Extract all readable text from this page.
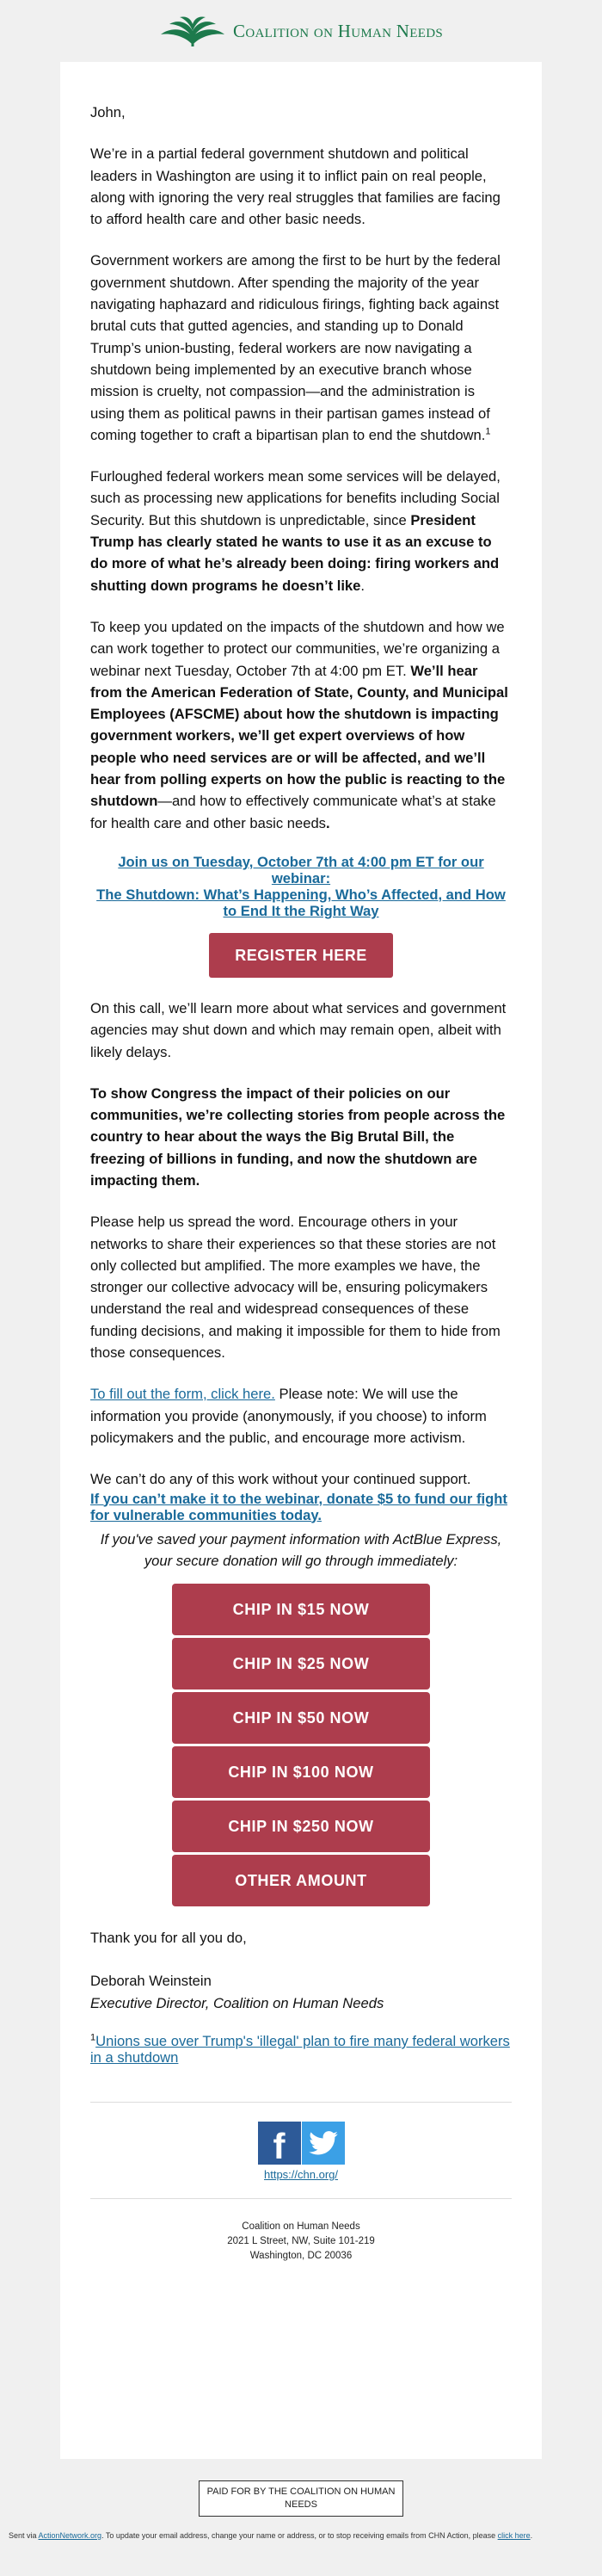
Coalition on Human Needs

John,

We’re in a partial federal government shutdown and political leaders in Washington are using it to inflict pain on real people, along with ignoring the very real struggles that families are facing to afford health care and other basic needs.

Government workers are among the first to be hurt by the federal government shutdown. After spending the majority of the year navigating haphazard and ridiculous firings, fighting back against brutal cuts that gutted agencies, and standing up to Donald Trump’s union-busting, federal workers are now navigating a shutdown being implemented by an executive branch whose mission is cruelty, not compassion—and the administration is using them as political pawns in their partisan games instead of coming together to craft a bipartisan plan to end the shutdown.$^1$

Furloughed federal workers mean some services will be delayed, such as processing new applications for benefits including Social Security. But this shutdown is unpredictable, since President Trump has clearly stated he wants to use it as an excuse to do more of what he’s already been doing: firing workers and shutting down programs he doesn’t like.

To keep you updated on the impacts of the shutdown and how we can work together to protect our communities, we’re organizing a webinar next Tuesday, October 7th at 4:00 pm ET. We’ll hear from the American Federation of State, County, and Municipal Employees (AFSCME) about how the shutdown is impacting government workers, we’ll get expert overviews of how people who need services are or will be affected, and we’ll hear from polling experts on how the public is reacting to the shutdown—and how to effectively communicate what’s at stake for health care and other basic needs.

Join us on Tuesday, October 7th at 4:00 pm ET for our webinar:
The Shutdown: What’s Happening, Who’s Affected, and How to End It the Right Way
REGISTER HERE

On this call, we’ll learn more about what services and government agencies may shut down and which may remain open, albeit with likely delays.

To show Congress the impact of their policies on our communities, we’re collecting stories from people across the country to hear about the ways the Big Brutal Bill, the freezing of billions in funding, and now the shutdown are impacting them.

Please help us spread the word. Encourage others in your networks to share their experiences so that these stories are not only collected but amplified. The more examples we have, the stronger our collective advocacy will be, ensuring policymakers understand the real and widespread consequences of these funding decisions, and making it impossible for them to hide from those consequences.

To fill out the form, click here. Please note: We will use the information you provide (anonymously, if you choose) to inform policymakers and the public, and encourage more activism.

We can’t do any of this work without your continued support.

If you can’t make it to the webinar, donate $5 to fund our fight for vulnerable communities today.

If you've saved your payment information with ActBlue Express, your secure donation will go through immediately:

CHIP IN $15 NOW
CHIP IN $25 NOW
CHIP IN $50 NOW
CHIP IN $100 NOW
CHIP IN $250 NOW
OTHER AMOUNT

Thank you for all you do,

Deborah Weinstein

Executive Director, Coalition on Human Needs

$^1$Unions sue over Trump's 'illegal' plan to fire many federal workers in a shutdown
f
https://chn.org/
Coalition on Human Needs
2021 L Street, NW, Suite 101-219
Washington, DC 20036
PAID FOR BY THE COALITION ON HUMAN NEEDS
Sent via ActionNetwork.org. To update your email address, change your name or address, or to stop receiving emails from CHN Action, please click here.
